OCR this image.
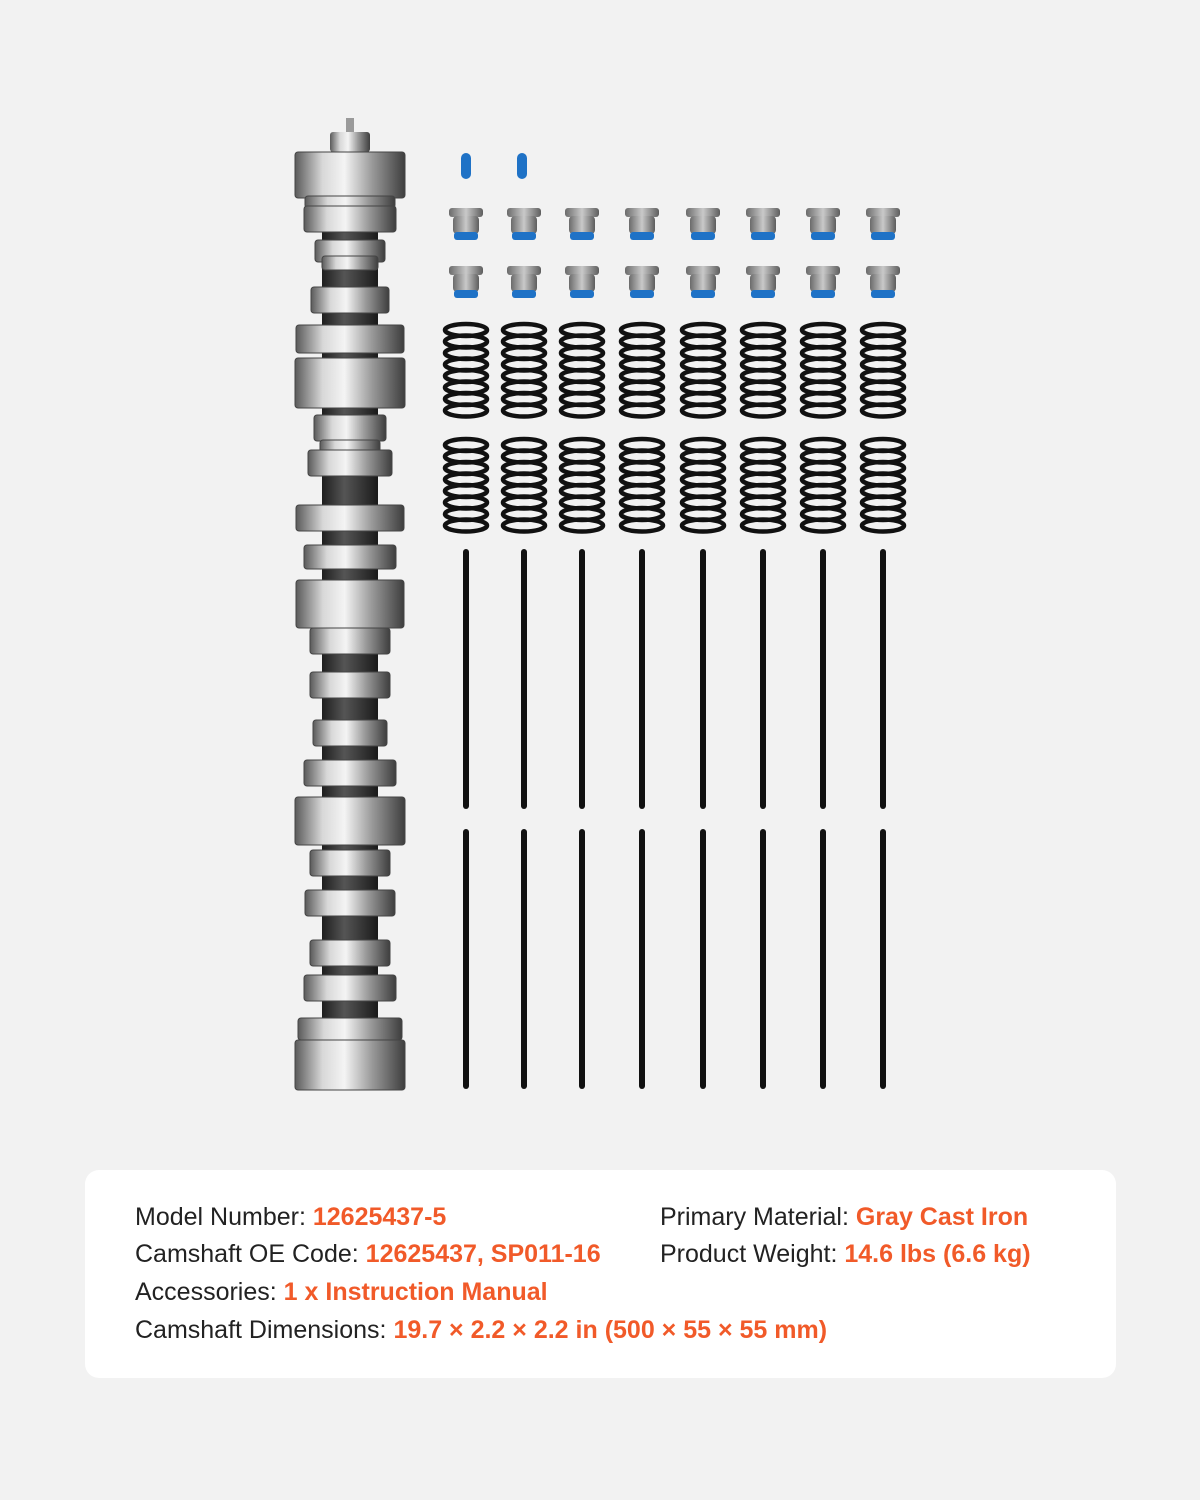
Model Number: 12625437-5
Camshaft OE Code: 12625437, SP011-16
Accessories: 1 x Instruction Manual
Camshaft Dimensions: 19.7 × 2.2 × 2.2 in (500 × 55 × 55 mm)
Primary Material: Gray Cast Iron
Product Weight: 14.6 lbs (6.6 kg)
